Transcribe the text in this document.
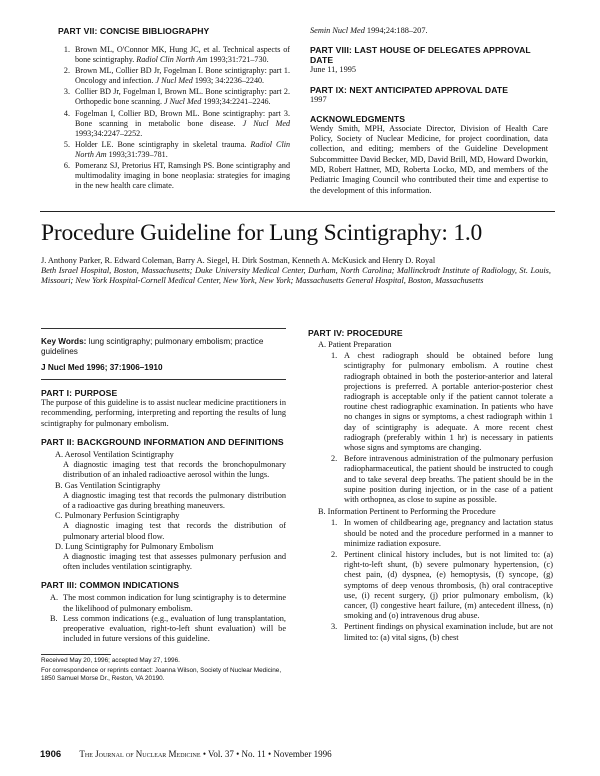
PART VII: CONCISE BIBLIOGRAPHY
1. Brown ML, O'Connor MK, Hung JC, et al. Technical aspects of bone scintigraphy. Radiol Clin North Am 1993;31:721–730.
2. Brown ML, Collier BD Jr, Fogelman I. Bone scintigraphy: part 1. Oncology and infection. J Nucl Med 1993; 34:2236–2240.
3. Collier BD Jr, Fogelman I, Brown ML. Bone scintigraphy: part 2. Orthopedic bone scanning. J Nucl Med 1993;34:2241–2246.
4. Fogelman I, Collier BD, Brown ML. Bone scintigraphy: part 3. Bone scanning in metabolic bone disease. J Nucl Med 1993;34:2247–2252.
5. Holder LE. Bone scintigraphy in skeletal trauma. Radiol Clin North Am 1993;31:739–781.
6. Pomeranz SJ, Pretorius HT, Ramsingh PS. Bone scintigraphy and multimodality imaging in bone neoplasia: strategies for imaging in the new health care climate.
Semin Nucl Med 1994;24:188–207.
PART VIII: LAST HOUSE OF DELEGATES APPROVAL DATE
June 11, 1995
PART IX: NEXT ANTICIPATED APPROVAL DATE
1997
ACKNOWLEDGMENTS
Wendy Smith, MPH, Associate Director, Division of Health Care Policy, Society of Nuclear Medicine, for project coordination, data collection, and editing; members of the Guideline Development Subcommittee David Becker, MD, David Brill, MD, Howard Dworkin, MD, Robert Hattner, MD, Roberta Locko, MD, and members of the Pediatric Imaging Council who contributed their time and expertise to the development of this information.
Procedure Guideline for Lung Scintigraphy: 1.0
J. Anthony Parker, R. Edward Coleman, Barry A. Siegel, H. Dirk Sostman, Kenneth A. McKusick and Henry D. Royal
Beth Israel Hospital, Boston, Massachusetts; Duke University Medical Center, Durham, North Carolina; Mallinckrodt Institute of Radiology, St. Louis, Missouri; New York Hospital-Cornell Medical Center, New York, New York; Massachusetts General Hospital, Boston, Massachusetts
Key Words: lung scintigraphy; pulmonary embolism; practice guidelines
J Nucl Med 1996; 37:1906–1910
PART I: PURPOSE
The purpose of this guideline is to assist nuclear medicine practitioners in recommending, performing, interpreting and reporting the results of lung scintigraphy for pulmonary embolism.
PART II: BACKGROUND INFORMATION AND DEFINITIONS
A. Aerosol Ventilation Scintigraphy
A diagnostic imaging test that records the bronchopulmonary distribution of an inhaled radioactive aerosol within the lungs.
B. Gas Ventilation Scintigraphy
A diagnostic imaging test that records the pulmonary distribution of a radioactive gas during breathing maneuvers.
C. Pulmonary Perfusion Scintigraphy
A diagnostic imaging test that records the distribution of pulmonary arterial blood flow.
D. Lung Scintigraphy for Pulmonary Embolism
A diagnostic imaging test that assesses pulmonary perfusion and often includes ventilation scintigraphy.
PART III: COMMON INDICATIONS
A. The most common indication for lung scintigraphy is to determine the likelihood of pulmonary embolism.
B. Less common indications (e.g., evaluation of lung transplantation, preoperative evaluation, right-to-left shunt evaluation) will be included in future versions of this guideline.
Received May 20, 1996; accepted May 27, 1996.
For correspondence or reprints contact: Joanna Wilson, Society of Nuclear Medicine, 1850 Samuel Morse Dr., Reston, VA 20190.
PART IV: PROCEDURE
A. Patient Preparation
1. A chest radiograph should be obtained before lung scintigraphy for pulmonary embolism. A routine chest radiograph obtained in both the posterior-anterior and lateral projections is preferred. A portable anterior-posterior chest radiograph is acceptable only if the patient cannot tolerate a routine chest radiographic examination. In patients who have no changes in signs or symptoms, a chest radiograph within 1 day of scintigraphy is adequate. A more recent chest radiograph (preferably within 1 hr) is necessary in patients whose signs and symptoms are changing.
2. Before intravenous administration of the pulmonary perfusion radiopharmaceutical, the patient should be instructed to cough and to take several deep breaths. The patient should be in the supine position during injection, or in the case of a patient with orthopnea, as close to supine as possible.
B. Information Pertinent to Performing the Procedure
1. In women of childbearing age, pregnancy and lactation status should be noted and the procedure performed in a manner to minimize radiation exposure.
2. Pertinent clinical history includes, but is not limited to: (a) right-to-left shunt, (b) severe pulmonary hypertension, (c) chest pain, (d) dyspnea, (e) hemoptysis, (f) syncope, (g) symptoms of deep venous thrombosis, (h) oral contraceptive use, (i) recent surgery, (j) prior pulmonary embolism, (k) cancer, (l) congestive heart failure, (m) antecedent illness, (n) smoking and (o) intravenous drug abuse.
3. Pertinent findings on physical examination include, but are not limited to: (a) vital signs, (b) chest
1906 The Journal of Nuclear Medicine • Vol. 37 • No. 11 • November 1996
